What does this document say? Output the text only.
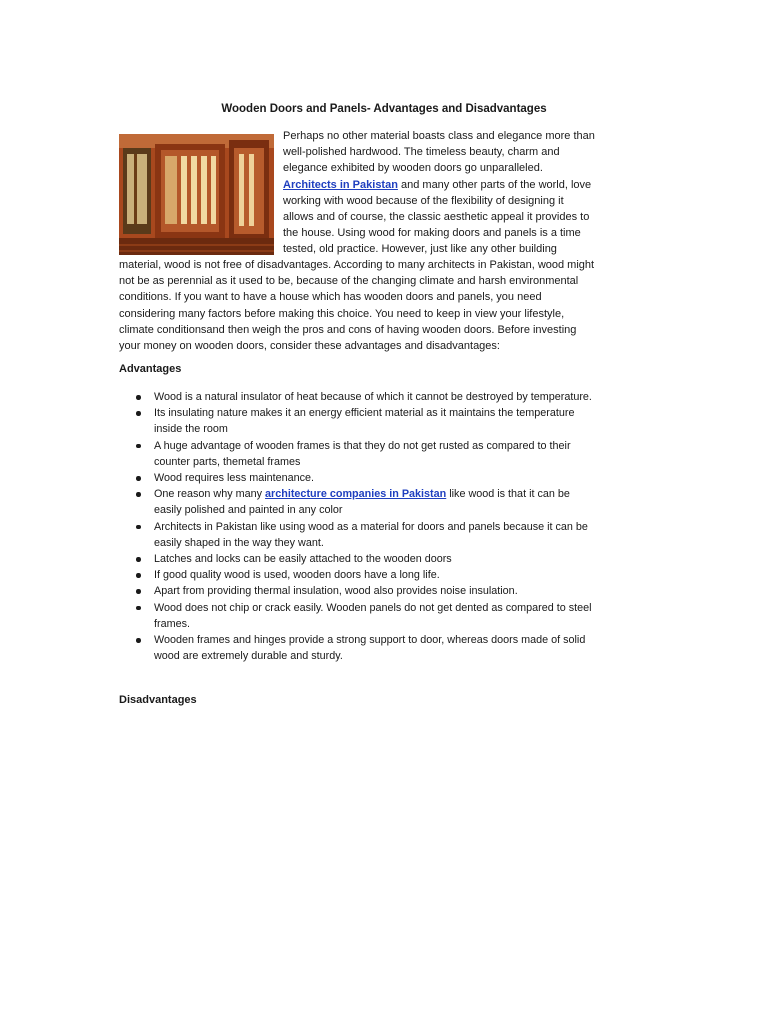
Wooden Doors and Panels- Advantages and Disadvantages
Perhaps no other material boasts class and elegance more than well-polished hardwood. The timeless beauty, charm and elegance exhibited by wooden doors go unparalleled. Architects in Pakistan and many other parts of the world, love working with wood because of the flexibility of designing it allows and of course, the classic aesthetic appeal it provides to the house. Using wood for making doors and panels is a time tested, old practice. However, just like any other building
material, wood is not free of disadvantages. According to many architects in Pakistan, wood might not be as perennial as it used to be, because of the changing climate and harsh environmental conditions. If you want to have a house which has wooden doors and panels, you need considering many factors before making this choice. You need to keep in view your lifestyle, climate conditionsand then weigh the pros and cons of having wooden doors. Before investing your money on wooden doors, consider these advantages and disadvantages:
Advantages
Wood is a natural insulator of heat because of which it cannot be destroyed by temperature.
Its insulating nature makes it an energy efficient material as it maintains the temperature inside the room
A huge advantage of wooden frames is that they do not get rusted as compared to their counter parts, themetal frames
Wood requires less maintenance.
One reason why many architecture companies in Pakistan like wood is that it can be easily polished and painted in any color
Architects in Pakistan like using wood as a material for doors and panels because it can be easily shaped in the way they want.
Latches and locks can be easily attached to the wooden doors
If good quality wood is used, wooden doors have a long life.
Apart from providing thermal insulation, wood also provides noise insulation.
Wood does not chip or crack easily. Wooden panels do not get dented as compared to steel frames.
Wooden frames and hinges provide a strong support to door, whereas doors made of solid wood are extremely durable and sturdy.
Disadvantages
